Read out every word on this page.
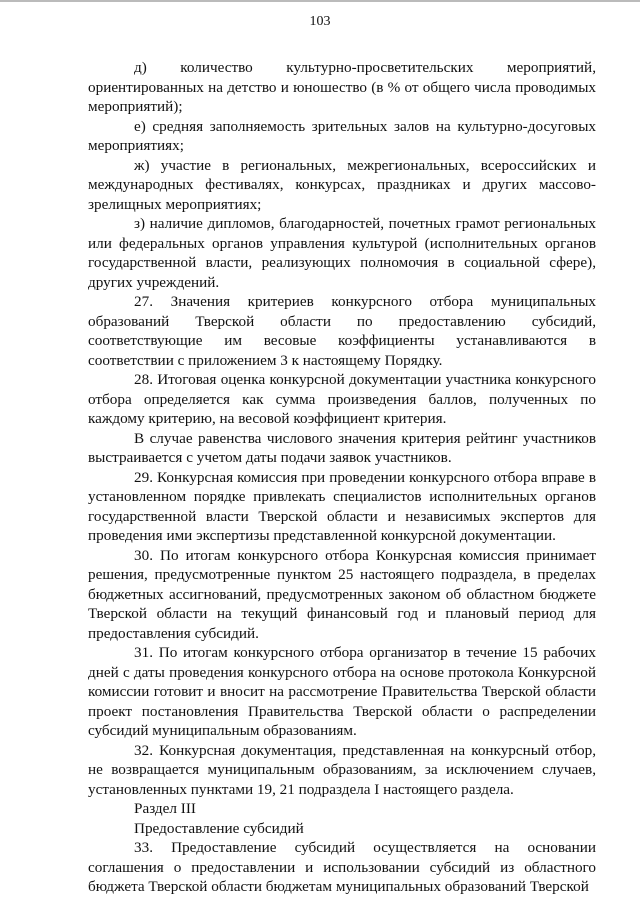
103

д) количество культурно-просветительских мероприятий, ориентированных на детство и юношество (в % от общего числа проводимых мероприятий);

е) средняя заполняемость зрительных залов на культурно-досуговых мероприятиях;

ж) участие в региональных, межрегиональных, всероссийских и международных фестивалях, конкурсах, праздниках и других массово-зрелищных мероприятиях;

з) наличие дипломов, благодарностей, почетных грамот региональных или федеральных органов управления культурой (исполнительных органов государственной власти, реализующих полномочия в социальной сфере), других учреждений.

27. Значения критериев конкурсного отбора муниципальных образований Тверской области по предоставлению субсидий, соответствующие им весовые коэффициенты устанавливаются в соответствии с приложением 3 к настоящему Порядку.

28. Итоговая оценка конкурсной документации участника конкурсного отбора определяется как сумма произведения баллов, полученных по каждому критерию, на весовой коэффициент критерия.

В случае равенства числового значения критерия рейтинг участников выстраивается с учетом даты подачи заявок участников.

29. Конкурсная комиссия при проведении конкурсного отбора вправе в установленном порядке привлекать специалистов исполнительных органов государственной власти Тверской области и независимых экспертов для проведения ими экспертизы представленной конкурсной документации.

30. По итогам конкурсного отбора Конкурсная комиссия принимает решения, предусмотренные пунктом 25 настоящего подраздела, в пределах бюджетных ассигнований, предусмотренных законом об областном бюджете Тверской области на текущий финансовый год и плановый период для предоставления субсидий.

31. По итогам конкурсного отбора организатор в течение 15 рабочих дней с даты проведения конкурсного отбора на основе протокола Конкурсной комиссии готовит и вносит на рассмотрение Правительства Тверской области проект постановления Правительства Тверской области о распределении субсидий муниципальным образованиям.

32. Конкурсная документация, представленная на конкурсный отбор, не возвращается муниципальным образованиям, за исключением случаев, установленных пунктами 19, 21 подраздела I настоящего раздела.

Раздел III

Предоставление субсидий

33. Предоставление субсидий осуществляется на основании соглашения о предоставлении и использовании субсидий из областного бюджета Тверской области бюджетам муниципальных образований Тверской
